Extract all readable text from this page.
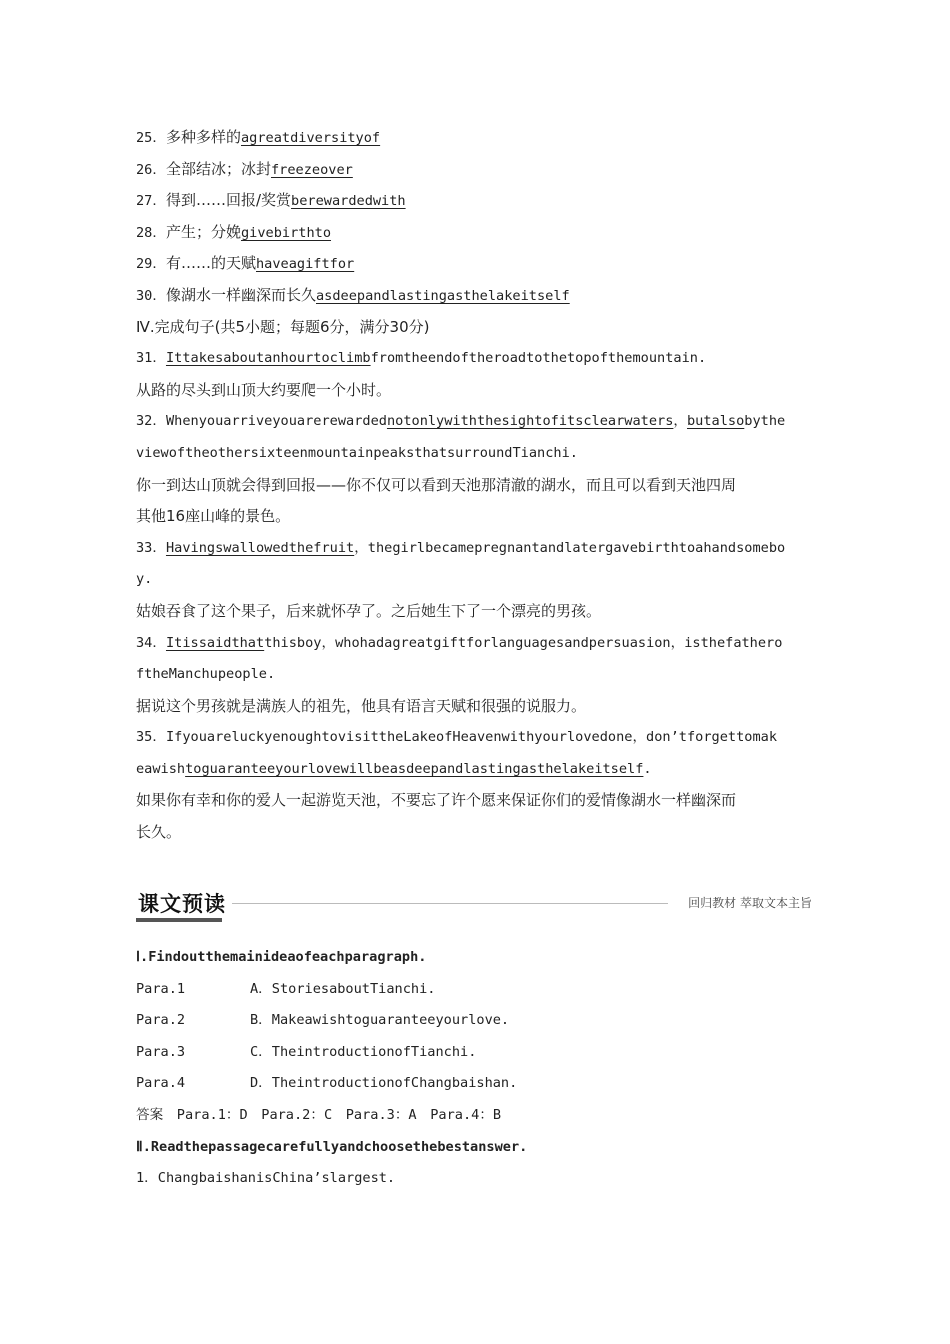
25．多种多样的agreatdiversityof
26．全部结冰；冰封freezeover
27．得到……回报/奖赏berewardedwith
28．产生；分娩givebirthto
29．有……的天赋haveagiftfor
30．像湖水一样幽深而长久asdeepandlastingasthelakeitself
Ⅳ.完成句子(共5小题；每题6分，满分30分)
31．Ittakesaboutanhourtoclimbfromtheendoftheroadtothetopofthemountain.
从路的尽头到山顶大约要爬一个小时。
32．Whenyouarriveyouarerewardednotonlywiththesightofitsclearwaters，butalsobythe
viewoftheothersixteenmountainpeaksthatsurroundTianchi.
你一到达山顶就会得到回报——你不仅可以看到天池那清澈的湖水，而且可以看到天池四周
其他16座山峰的景色。
33．Havingswallowedthefruit，thegirlbecamepregnantandlatergavebirthtoahandsomebo
y.
姑娘吞食了这个果子，后来就怀孕了。之后她生下了一个漂亮的男孩。
34．Itissaidthatthisboy，whohadagreatgiftforlanguagesandpersuasion，isthefathero
ftheManchupeople.
据说这个男孩就是满族人的祖先，他具有语言天赋和很强的说服力。
35．IfyouareluckyenoughtovisittheLakeofHeavenwithyourlovedone，don’tforgettomak
eawishtoguaranteeyourlovewillbeasdeepandlastingasthelakeitself.
如果你有幸和你的爱人一起游览天池，不要忘了许个愿来保证你们的爱情像湖水一样幽深而
长久。
课文预读	回归教材 萃取文本主旨
Ⅰ.Findoutthemainideaofeachparagraph.
Para.1	A．StoriesaboutTianchi.
Para.2	B．Makeawishtoguaranteeyourlove.
Para.3	C．TheintroductionofTianchi.
Para.4	D．TheintroductionofChangbaishan.
答案　Para.1：D　Para.2：C　Para.3：A　Para.4：B
Ⅱ.Readthepassagecarefullyandchoosethebestanswer.
1．ChangbaishanisChina’slargest.
